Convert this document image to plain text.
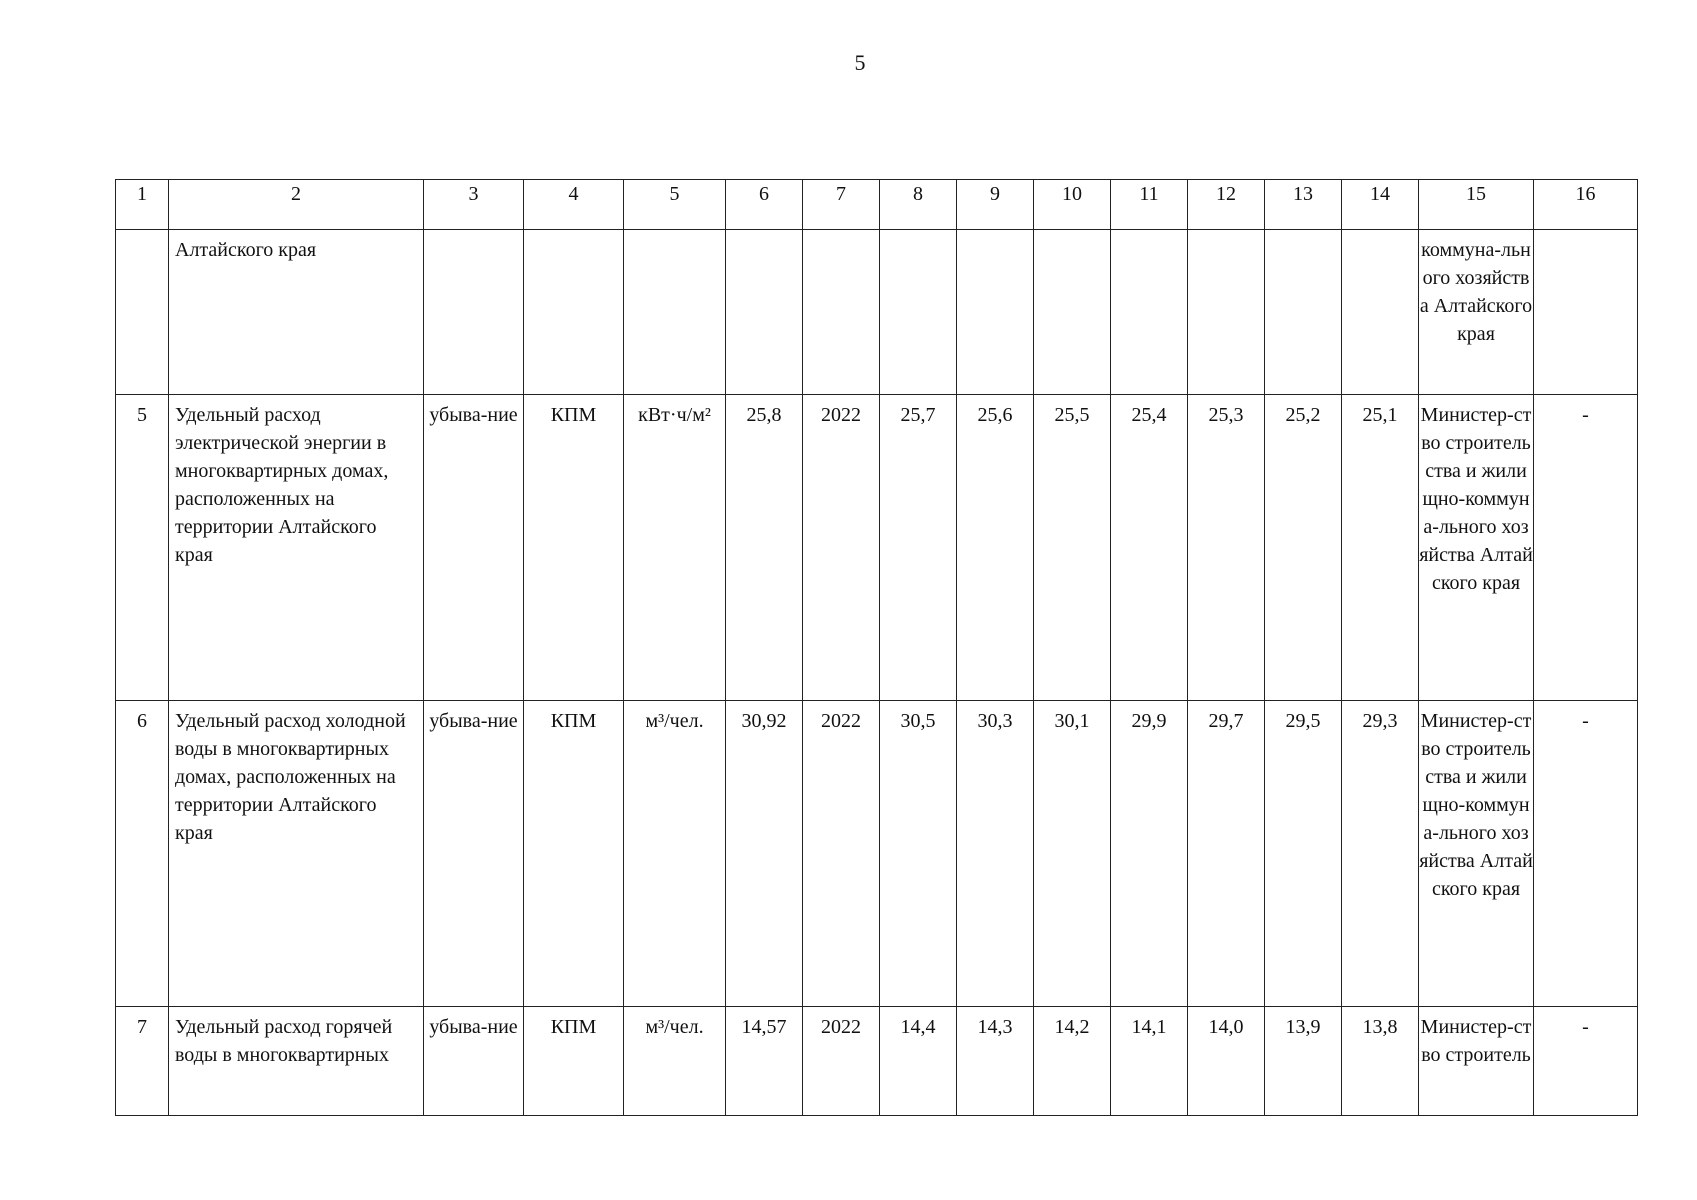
5
1	2	3	4	5	6	7	8	9	10	11	12	13	14	15	16
	Алтайского края													коммуна-льного хозяйства Алтайского края	
5	Удельный расход электрической энергии в многоквартирных домах, расположенных на территории Алтайского края	убыва-ние	КПМ	кВт·ч/м²	25,8	2022	25,7	25,6	25,5	25,4	25,3	25,2	25,1	Министер-ство строитель ства и жилищно-коммуна-льного хозяйства Алтайского края	-
6	Удельный расход холодной воды в многоквартирных домах, расположенных на территории Алтайского края	убыва-ние	КПМ	м³/чел.	30,92	2022	30,5	30,3	30,1	29,9	29,7	29,5	29,3	Министер-ство строитель ства и жилищно-коммуна-льного хозяйства Алтайского края	-
7	Удельный расход горячей воды в многоквартирных	убыва-ние	КПМ	м³/чел.	14,57	2022	14,4	14,3	14,2	14,1	14,0	13,9	13,8	Министер-ство строитель	-
